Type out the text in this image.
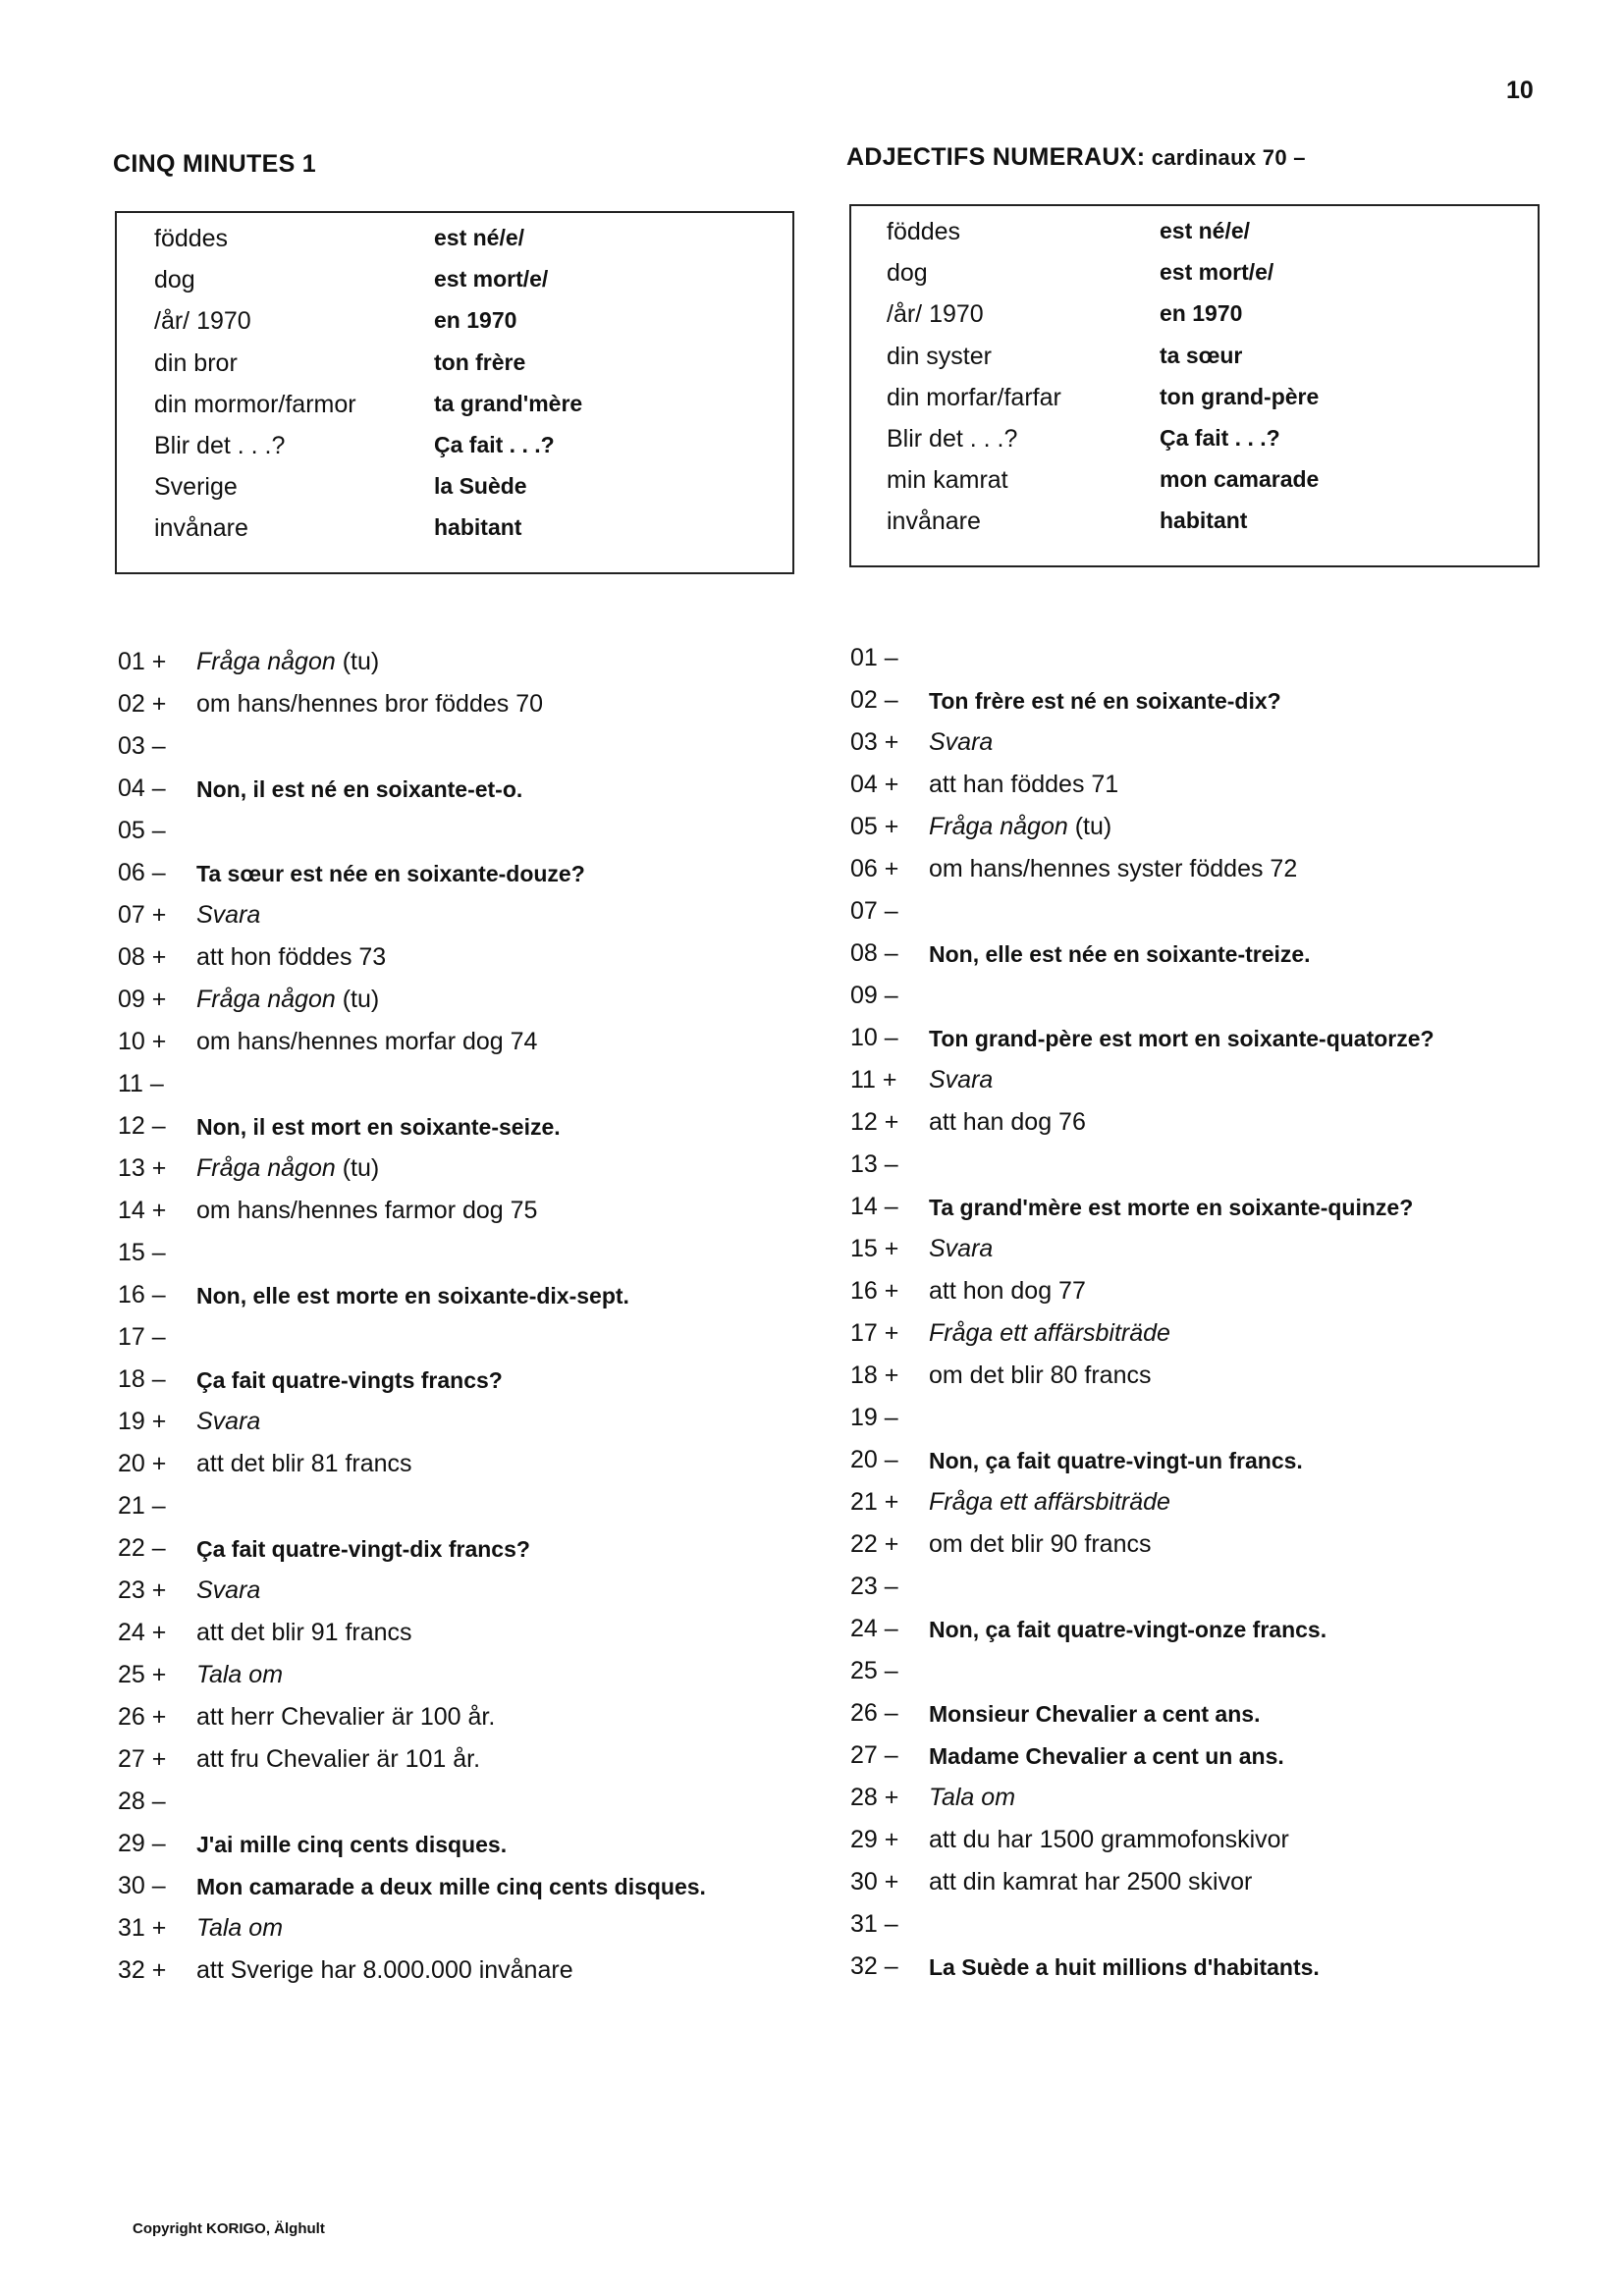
10
CINQ MINUTES 1	ADJECTIFS NUMERAUX: cardinaux 70 –
föddes	est né/e/
dog	est mort/e/
/år/ 1970	en 1970
din bror	ton frère
din mormor/farmor	ta grand'mère
Blir det . . .?	Ça fait . . .?
Sverige	la Suède
invånare	habitant
föddes	est né/e/
dog	est mort/e/
/år/ 1970	en 1970
din syster	ta sœur
din morfar/farfar	ton grand-père
Blir det . . .?	Ça fait . . .?
min kamrat	mon camarade
invånare	habitant
01 +	Fråga någon (tu)
02 +	om hans/hennes bror föddes 70
03 –
04 –	Non, il est né en soixante-et-o.
05 –
06 –	Ta sœur est née en soixante-douze?
07 +	Svara
08 +	att hon föddes 73
09 +	Fråga någon (tu)
10 +	om hans/hennes morfar dog 74
11 –
12 –	Non, il est mort en soixante-seize.
13 +	Fråga någon (tu)
14 +	om hans/hennes farmor dog 75
15 –
16 –	Non, elle est morte en soixante-dix-sept.
17 –
18 –	Ça fait quatre-vingts francs?
19 +	Svara
20 +	att det blir 81 francs
21 –
22 –	Ça fait quatre-vingt-dix francs?
23 +	Svara
24 +	att det blir 91 francs
25 +	Tala om
26 +	att herr Chevalier är 100 år.
27 +	att fru Chevalier är 101 år.
28 –
29 –	J'ai mille cinq cents disques.
30 –	Mon camarade a deux mille cinq cents disques.
31 +	Tala om
32 +	att Sverige har 8.000.000 invånare
01 –
02 –	Ton frère est né en soixante-dix?
03 +	Svara
04 +	att han föddes 71
05 +	Fråga någon (tu)
06 +	om hans/hennes syster föddes 72
07 –
08 –	Non, elle est née en soixante-treize.
09 –
10 –	Ton grand-père est mort en soixante-quatorze?
11 +	Svara
12 +	att han dog 76
13 –
14 –	Ta grand'mère est morte en soixante-quinze?
15 +	Svara
16 +	att hon dog 77
17 +	Fråga ett affärsbiträde
18 +	om det blir 80 francs
19 –
20 –	Non, ça fait quatre-vingt-un francs.
21 +	Fråga ett affärsbiträde
22 +	om det blir 90 francs
23 –
24 –	Non, ça fait quatre-vingt-onze francs.
25 –
26 –	Monsieur Chevalier a cent ans.
27 –	Madame Chevalier a cent un ans.
28 +	Tala om
29 +	att du har 1500 grammofonskivor
30 +	att din kamrat har 2500 skivor
31 –
32 –	La Suède a huit millions d'habitants.
Copyright KORIGO, Älghult
